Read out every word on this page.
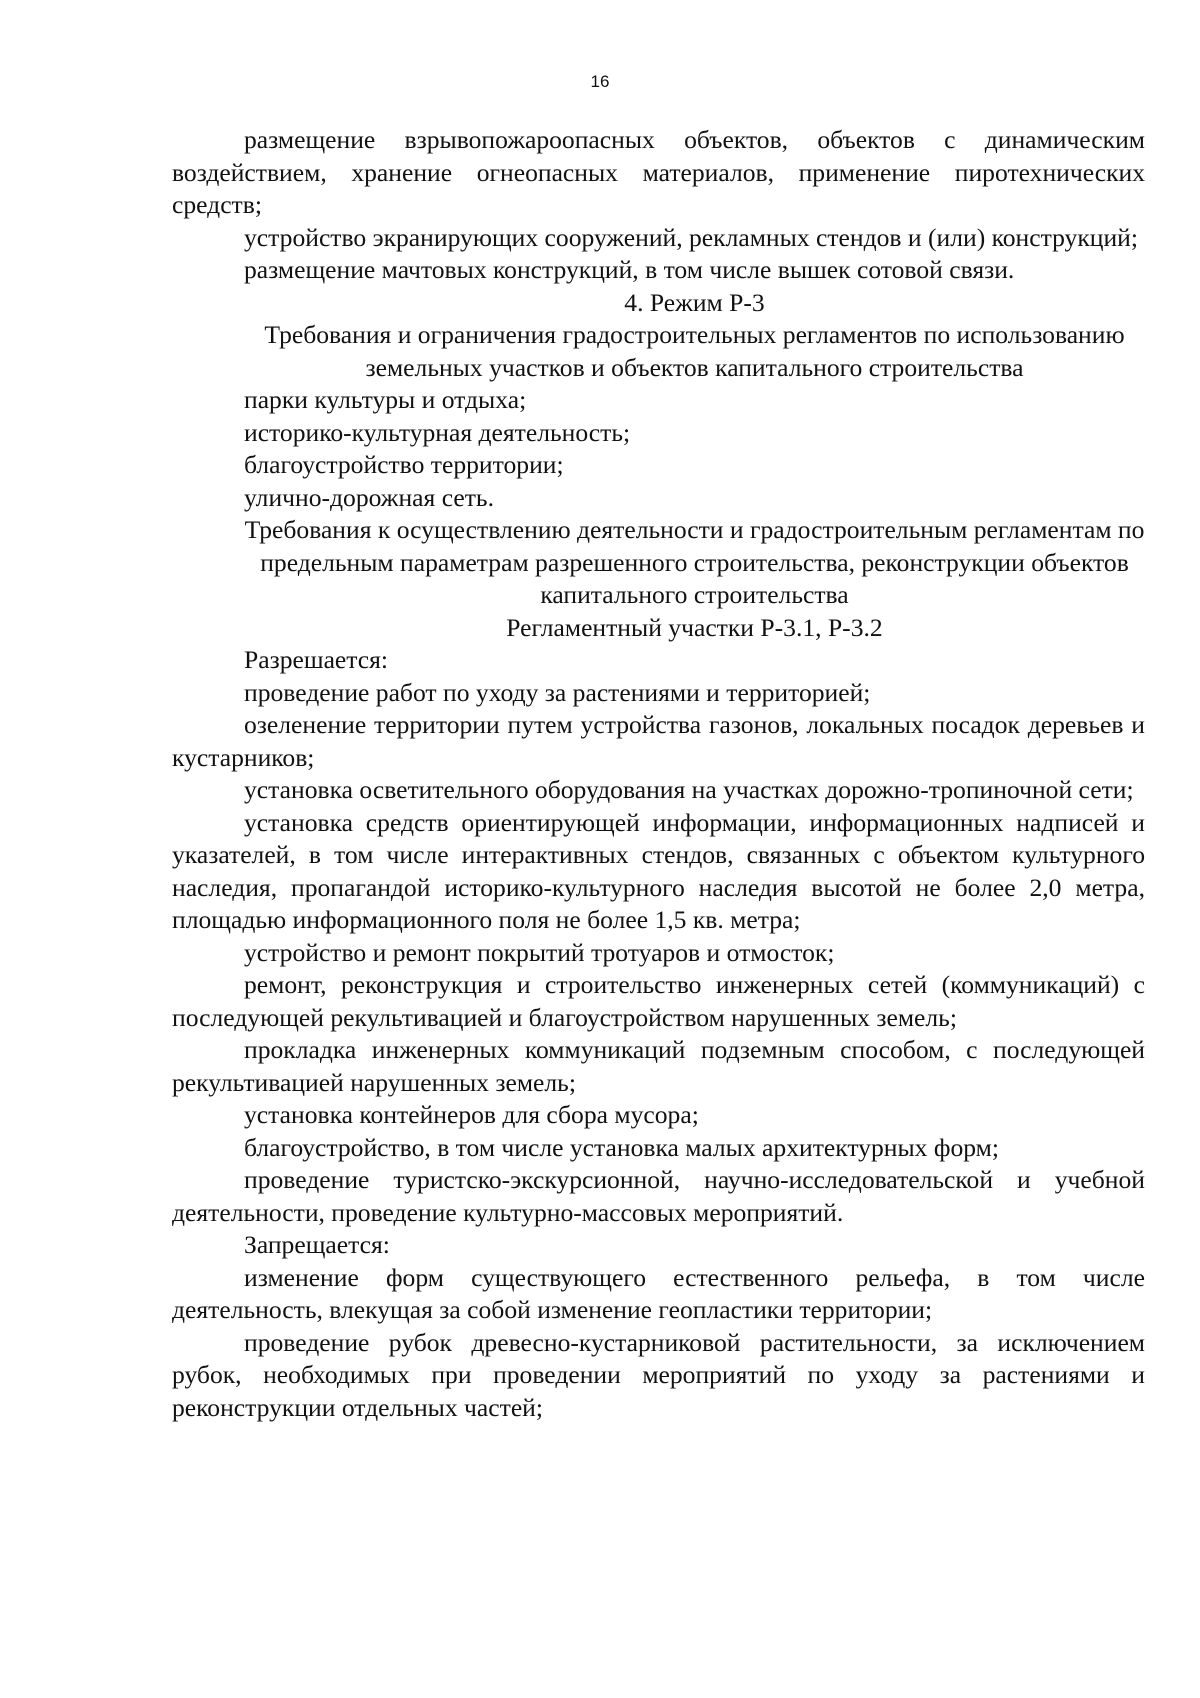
16

размещение взрывопожароопасных объектов, объектов с динамическим воздействием, хранение огнеопасных материалов, применение пиротехнических средств;

устройство экранирующих сооружений, рекламных стендов и (или) конструкций;

размещение мачтовых конструкций, в том числе вышек сотовой связи.

4. Режим Р-3

Требования и ограничения градостроительных регламентов по использованию земельных участков и объектов капитального строительства

парки культуры и отдыха;

историко-культурная деятельность;

благоустройство территории;

улично-дорожная сеть.

Требования к осуществлению деятельности и градостроительным регламентам по предельным параметрам разрешенного строительства, реконструкции объектов капитального строительства

Регламентный участки Р-3.1, Р-3.2

Разрешается:

проведение работ по уходу за растениями и территорией;

озеленение территории путем устройства газонов, локальных посадок деревьев и кустарников;

установка осветительного оборудования на участках дорожно-тропиночной сети;

установка средств ориентирующей информации, информационных надписей и указателей, в том числе интерактивных стендов, связанных с объектом культурного наследия, пропагандой историко-культурного наследия высотой не более 2,0 метра, площадью информационного поля не более 1,5 кв. метра;

устройство и ремонт покрытий тротуаров и отмосток;

ремонт, реконструкция и строительство инженерных сетей (коммуникаций) с последующей рекультивацией и благоустройством нарушенных земель;

прокладка инженерных коммуникаций подземным способом, с последующей рекультивацией нарушенных земель;

установка контейнеров для сбора мусора;

благоустройство, в том числе установка малых архитектурных форм;

проведение туристско-экскурсионной, научно-исследовательской и учебной деятельности, проведение культурно-массовых мероприятий.

Запрещается:

изменение форм существующего естественного рельефа, в том числе деятельность, влекущая за собой изменение геопластики территории;

проведение рубок древесно-кустарниковой растительности, за исключением рубок, необходимых при проведении мероприятий по уходу за растениями и реконструкции отдельных частей;
